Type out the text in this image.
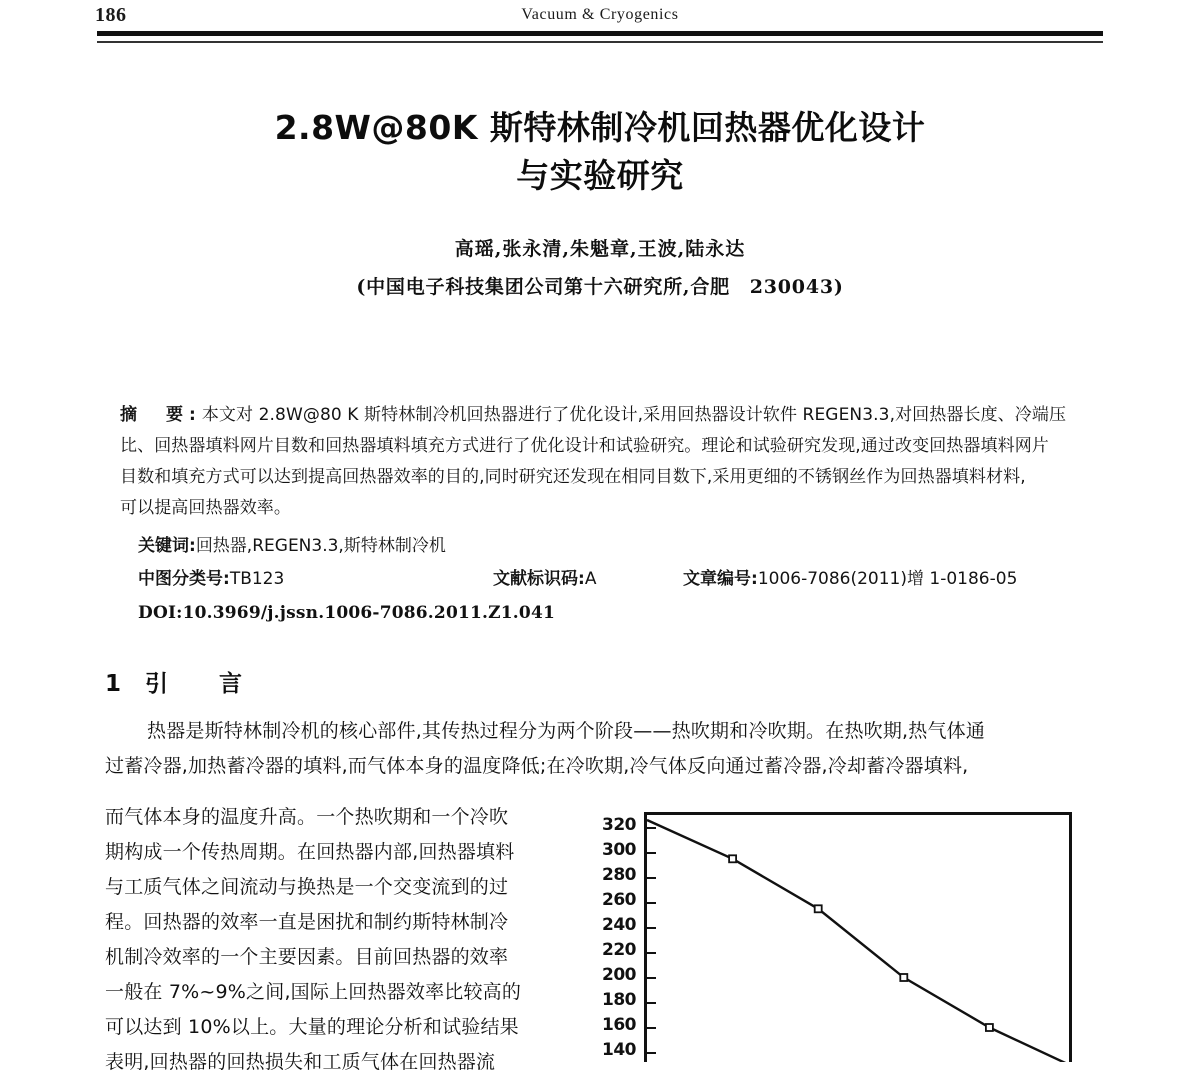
186	Vacuum & Cryogenics
2.8W@80K 斯特林制冷机回热器优化设计
与实验研究
高瑶,张永清,朱魁章,王波,陆永达
(中国电子科技集团公司第十六研究所,合肥　230043)
摘　要:本文对 2.8W@80 K 斯特林制冷机回热器进行了优化设计,采用回热器设计软件 REGEN3.3,对回热器长度、冷端压
比、回热器填料网片目数和回热器填料填充方式进行了优化设计和试验研究。理论和试验研究发现,通过改变回热器填料网片
目数和填充方式可以达到提高回热器效率的目的,同时研究还发现在相同目数下,采用更细的不锈钢丝作为回热器填料材料,
可以提高回热器效率。
关键词:回热器,REGEN3.3,斯特林制冷机
中图分类号:TB123	文献标识码:A	文章编号:1006-7086(2011)增 1-0186-05
DOI:10.3969/j.jssn.1006-7086.2011.Z1.041
1 引　言
热器是斯特林制冷机的核心部件,其传热过程分为两个阶段——热吹期和冷吹期。在热吹期,热气体通
过蓄冷器,加热蓄冷器的填料,而气体本身的温度降低;在冷吹期,冷气体反向通过蓄冷器,冷却蓄冷器填料,
而气体本身的温度升高。一个热吹期和一个冷吹
期构成一个传热周期。在回热器内部,回热器填料
与工质气体之间流动与换热是一个交变流到的过
程。回热器的效率一直是困扰和制约斯特林制冷
机制冷效率的一个主要因素。目前回热器的效率
一般在 7%~9%之间,国际上回热器效率比较高的
可以达到 10%以上。大量的理论分析和试验结果
表明,回热器的回热损失和工质气体在回热器流
320
300
280
260
240
220
200
180
160
140
